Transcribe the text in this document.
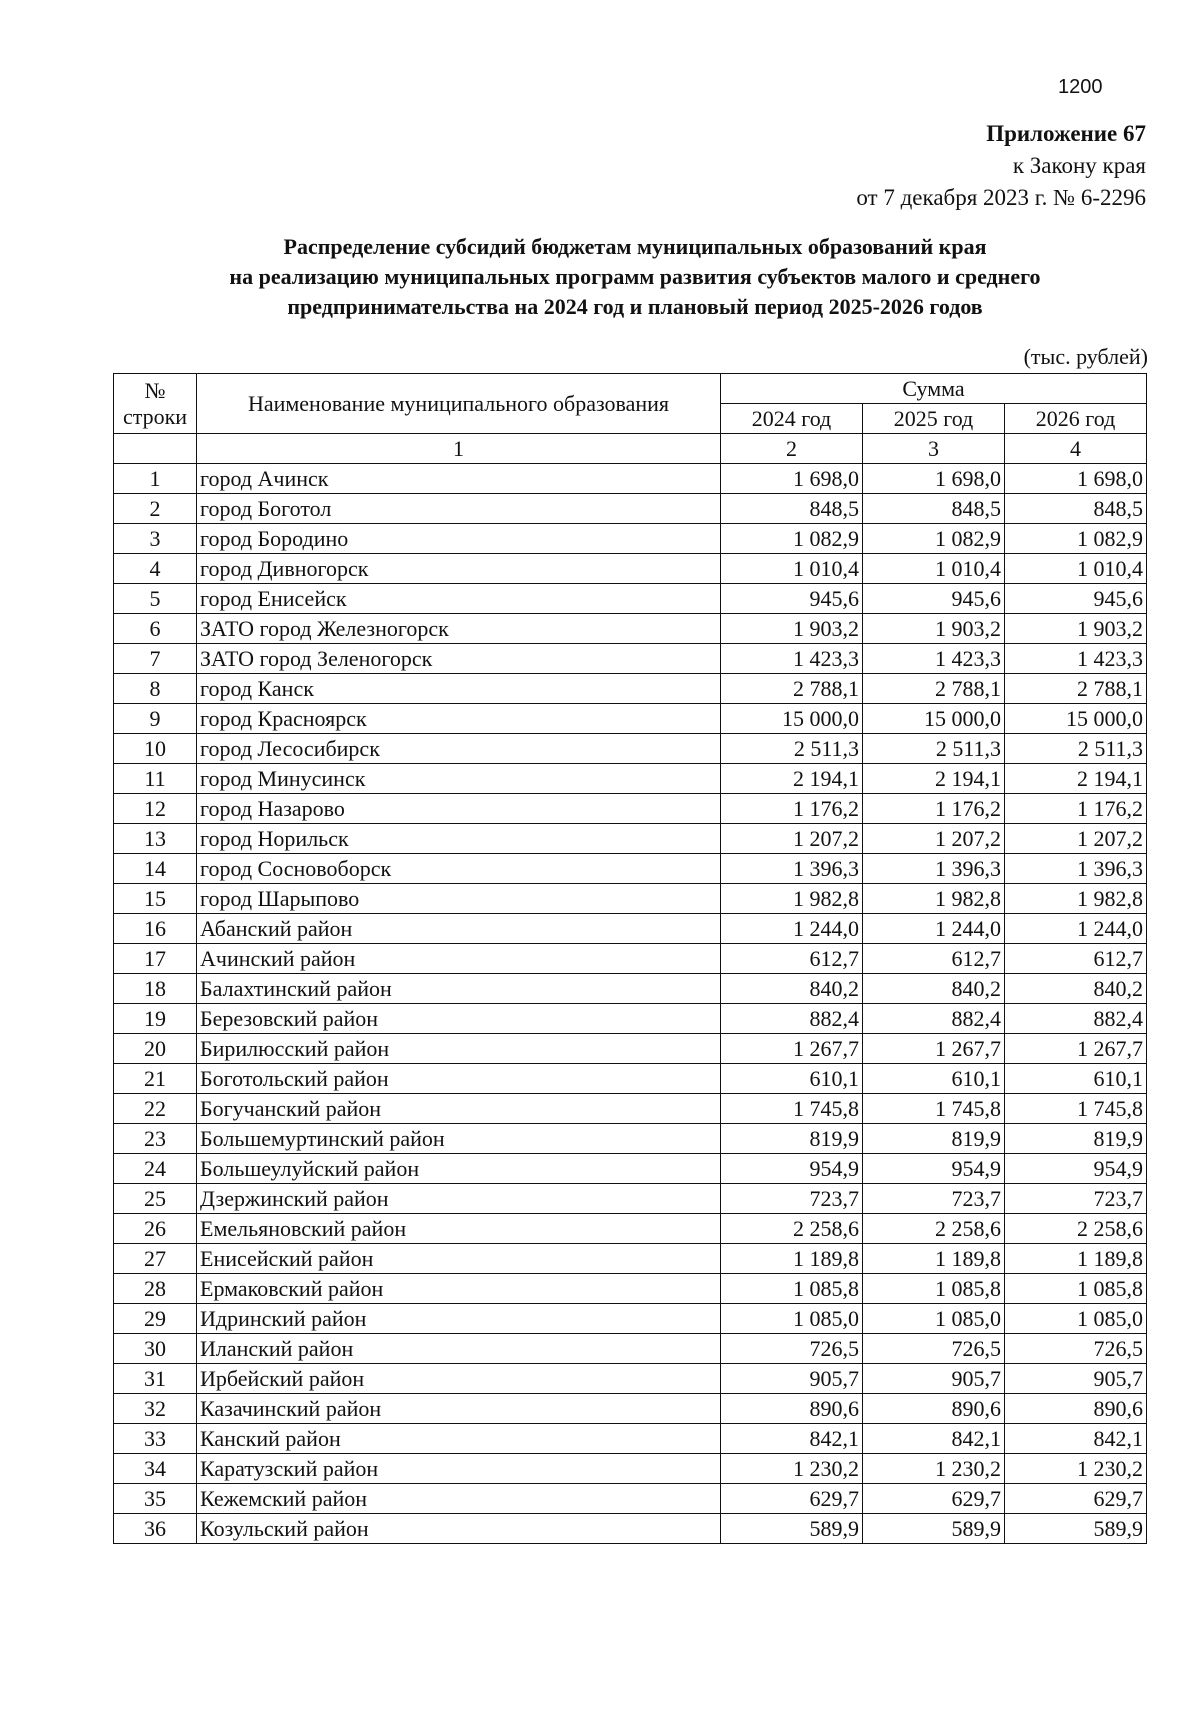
1200
Приложение 67
к Закону края
от 7 декабря 2023 г. № 6-2296
Распределение субсидий бюджетам муниципальных образований края
на реализацию муниципальных программ развития субъектов малого и среднего
предпринимательства на 2024 год и плановый период 2025-2026 годов
(тыс. рублей)
№
строки	Наименование муниципального образования	Сумма		
		2024 год	2025 год	2026 год
	1	2	3	4
1	город Ачинск	1 698,0	1 698,0	1 698,0
2	город Боготол	848,5	848,5	848,5
3	город Бородино	1 082,9	1 082,9	1 082,9
4	город Дивногорск	1 010,4	1 010,4	1 010,4
5	город Енисейск	945,6	945,6	945,6
6	ЗАТО город Железногорск	1 903,2	1 903,2	1 903,2
7	ЗАТО город Зеленогорск	1 423,3	1 423,3	1 423,3
8	город Канск	2 788,1	2 788,1	2 788,1
9	город Красноярск	15 000,0	15 000,0	15 000,0
10	город Лесосибирск	2 511,3	2 511,3	2 511,3
11	город Минусинск	2 194,1	2 194,1	2 194,1
12	город Назарово	1 176,2	1 176,2	1 176,2
13	город Норильск	1 207,2	1 207,2	1 207,2
14	город Сосновоборск	1 396,3	1 396,3	1 396,3
15	город Шарыпово	1 982,8	1 982,8	1 982,8
16	Абанский район	1 244,0	1 244,0	1 244,0
17	Ачинский район	612,7	612,7	612,7
18	Балахтинский район	840,2	840,2	840,2
19	Березовский район	882,4	882,4	882,4
20	Бирилюсский район	1 267,7	1 267,7	1 267,7
21	Боготольский район	610,1	610,1	610,1
22	Богучанский район	1 745,8	1 745,8	1 745,8
23	Большемуртинский район	819,9	819,9	819,9
24	Большеулуйский район	954,9	954,9	954,9
25	Дзержинский район	723,7	723,7	723,7
26	Емельяновский район	2 258,6	2 258,6	2 258,6
27	Енисейский район	1 189,8	1 189,8	1 189,8
28	Ермаковский район	1 085,8	1 085,8	1 085,8
29	Идринский район	1 085,0	1 085,0	1 085,0
30	Иланский район	726,5	726,5	726,5
31	Ирбейский район	905,7	905,7	905,7
32	Казачинский район	890,6	890,6	890,6
33	Канский район	842,1	842,1	842,1
34	Каратузский район	1 230,2	1 230,2	1 230,2
35	Кежемский район	629,7	629,7	629,7
36	Козульский район	589,9	589,9	589,9
